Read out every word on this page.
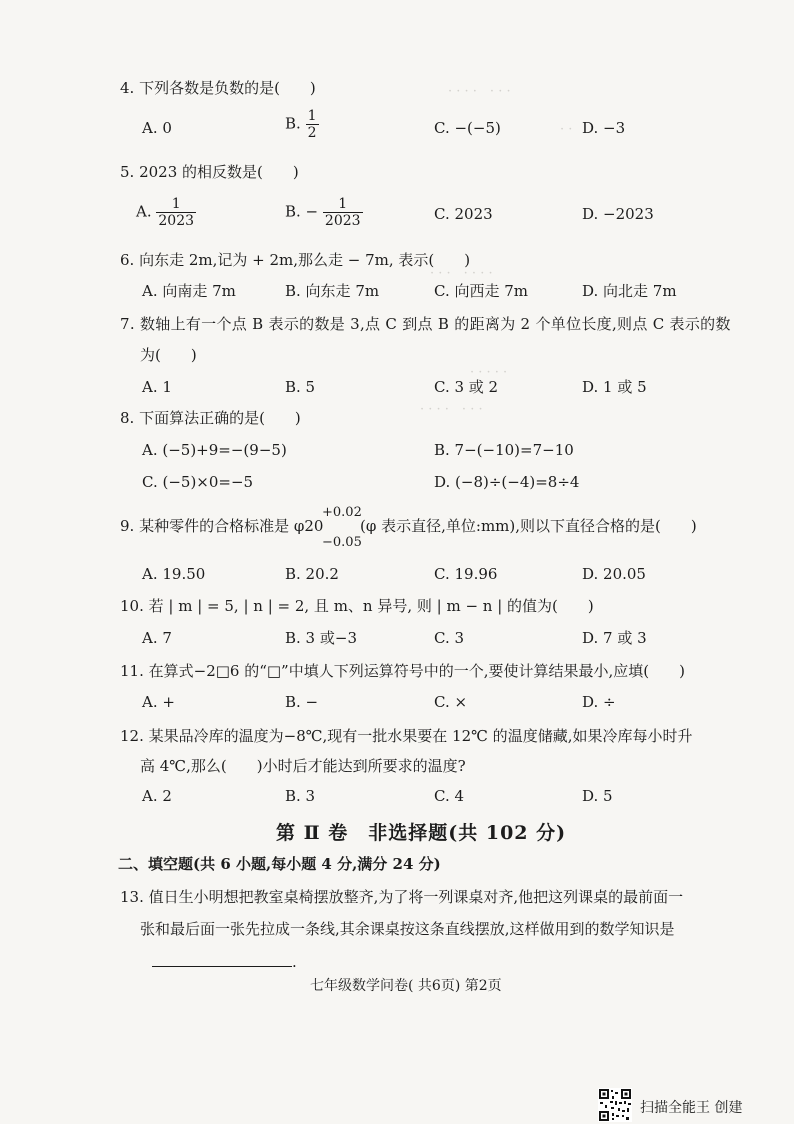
· · · ·　· · ·
· ·
· · ·　· · · ·
· · · · ·
· · · ·　· · ·
4. 下列各数是负数的是(　　)
A. 0	B. $\frac{1}{2}$	C. −(−5)	D. −3
5. 2023 的相反数是(　　)
A. $\frac{1}{2023}$	B. − $\frac{1}{2023}$	C. 2023	D. −2023
6. 向东走 2m,记为 + 2m,那么走 − 7m, 表示(　　)
A. 向南走 7m	B. 向东走 7m	C. 向西走 7m	D. 向北走 7m
7. 数轴上有一个点 B 表示的数是 3,点 C 到点 B 的距离为 2 个单位长度,则点 C 表示的数
为(　　)
A. 1	B. 5	C. 3 或 2	D. 1 或 5
8. 下面算法正确的是(　　)
A. (−5)+9=−(9−5)	B. 7−(−10)=7−10
C. (−5)×0=−5	D. (−8)÷(−4)=8÷4
9. 某种零件的合格标准是 φ20
+0.02
−0.05
(φ 表示直径,单位:mm),则以下直径合格的是(　　)
A. 19.50	B. 20.2	C. 19.96	D. 20.05
10. 若 | m | = 5, | n | = 2, 且 m、n 异号, 则 | m − n | 的值为(　　)
A. 7	B. 3 或−3	C. 3	D. 7 或 3
11. 在算式−2□6 的“□”中填人下列运算符号中的一个,要使计算结果最小,应填(　　)
A. +	B. −	C. ×	D. ÷
12. 某果品冷库的温度为−8℃,现有一批水果要在 12℃ 的温度储藏,如果冷库每小时升
高 4℃,那么(　　)小时后才能达到所要求的温度?
A. 2	B. 3	C. 4	D. 5
第 Ⅱ 卷　非选择题(共 102 分)
二、填空题(共 6 小题,每小题 4 分,满分 24 分)
13. 值日生小明想把教室桌椅摆放整齐,为了将一列课桌对齐,他把这列课桌的最前面一
张和最后面一张先拉成一条线,其余课桌按这条直线摆放,这样做用到的数学知识是
.
七年级数学问卷( 共6页) 第2页
扫描全能王 创建
